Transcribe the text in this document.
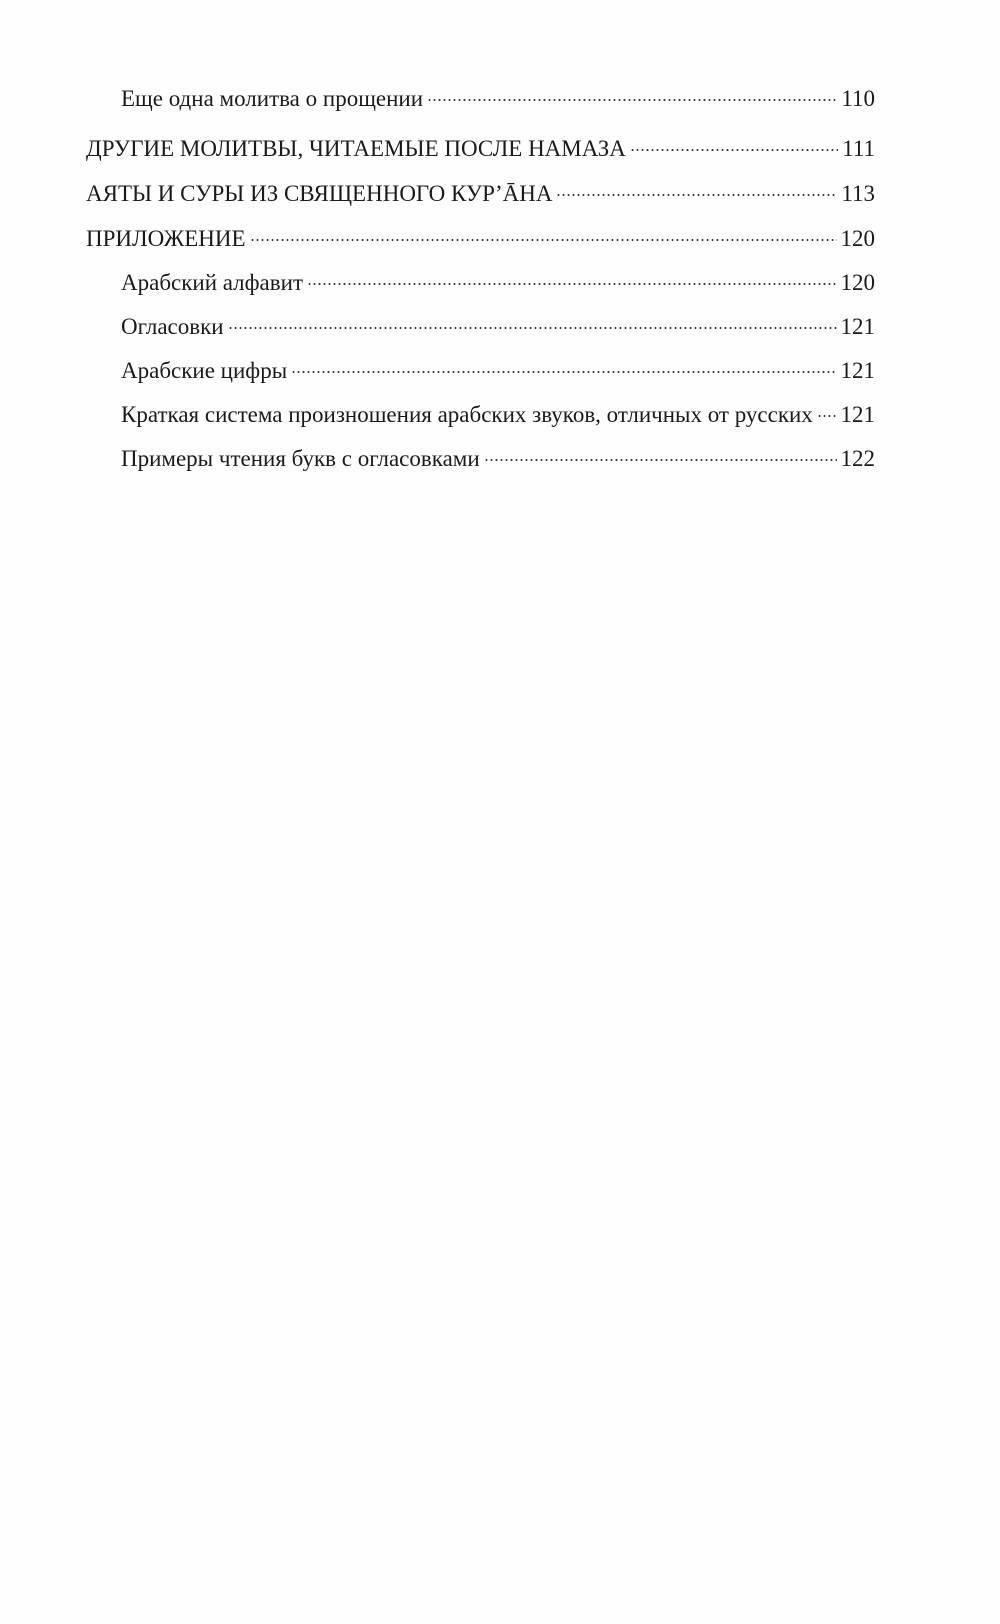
Еще одна молитва о прощении	110
ДРУГИЕ МОЛИТВЫ, ЧИТАЕМЫЕ ПОСЛЕ НАМАЗА	111
АЯТЫ И СУРЫ ИЗ СВЯЩЕННОГО КУР’ĀНА	113
ПРИЛОЖЕНИЕ	120
Арабский алфавит	120
Огласовки	121
Арабские цифры	121
Краткая система произношения арабских звуков, отличных от русских 121
Примеры чтения букв с огласовками	122
